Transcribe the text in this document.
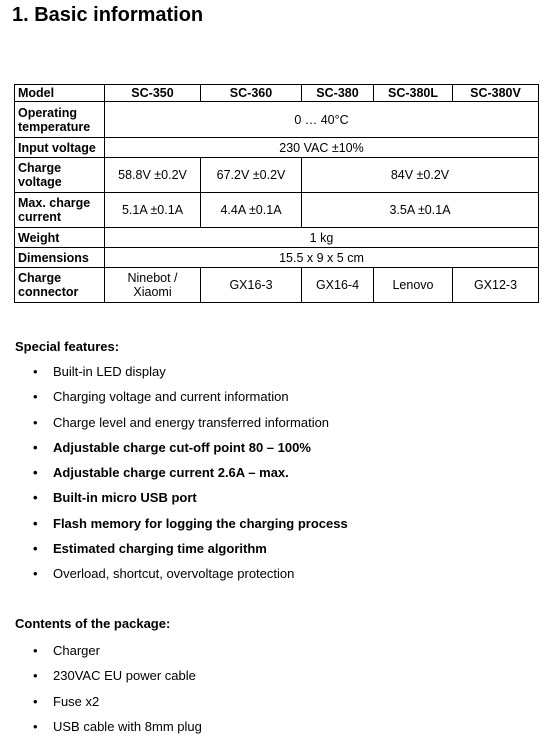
1. Basic information
Model	SC-350	SC-360	SC-380	SC-380L	SC-380V
Operating temperature	0 … 40°C				
Input voltage	230 VAC ±10%				
Charge voltage	58.8V ±0.2V	67.2V ±0.2V	84V ±0.2V		
Max. charge current	5.1A ±0.1A	4.4A ±0.1A	3.5A ±0.1A		
Weight	1 kg				
Dimensions	15.5 x 9 x 5 cm				
Charge connector	Ninebot / Xiaomi	GX16-3	GX16-4	Lenovo	GX12-3
Special features:
• Built-in LED display
• Charging voltage and current information
• Charge level and energy transferred information
• Adjustable charge cut-off point 80 – 100%
• Adjustable charge current 2.6A – max.
• Built-in micro USB port
• Flash memory for logging the charging process
• Estimated charging time algorithm
• Overload, shortcut, overvoltage protection
Contents of the package:
• Charger
• 230VAC EU power cable
• Fuse x2
• USB cable with 8mm plug
